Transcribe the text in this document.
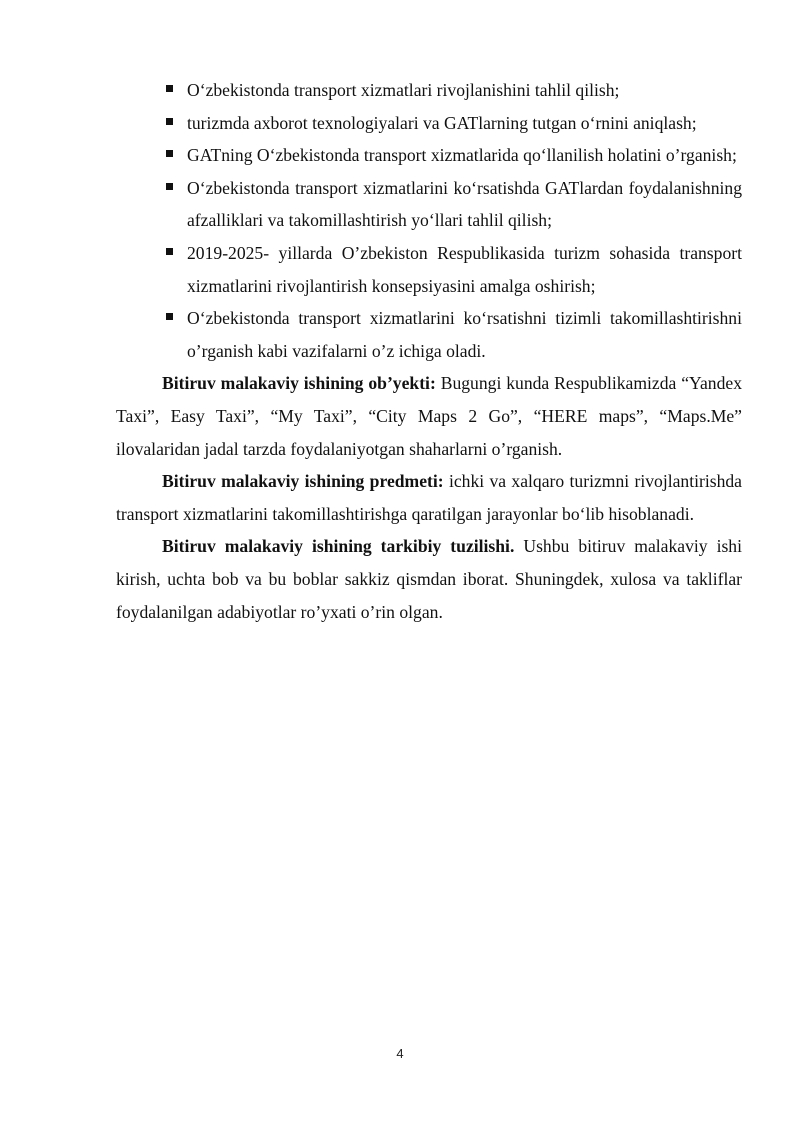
O‘zbekistonda transport xizmatlari rivojlanishini tahlil qilish;
turizmda axborot texnologiyalari va GATlarning tutgan o‘rnini aniqlash;
GATning O‘zbekistonda transport xizmatlarida qo‘llanilish holatini o’rganish;
O‘zbekistonda transport xizmatlarini ko‘rsatishda GATlardan foydalanishning afzalliklari va takomillashtirish yo‘llari tahlil qilish;
2019-2025- yillarda O’zbekiston Respublikasida turizm sohasida transport xizmatlarini rivojlantirish konsepsiyasini amalga oshirish;
O‘zbekistonda transport xizmatlarini ko‘rsatishni tizimli takomillashtirishni o’rganish kabi vazifalarni o’z ichiga oladi.

Bitiruv malakaviy ishining ob’yekti: Bugungi kunda Respublikamizda “Yandex Taxi”, Easy Taxi”, “My Taxi”, “City Maps 2 Go”, “HERE maps”, “Maps.Me” ilovalaridan jadal tarzda foydalaniyotgan shaharlarni o’rganish.

Bitiruv malakaviy ishining predmeti: ichki va xalqaro turizmni rivojlantirishda transport xizmatlarini takomillashtirishga qaratilgan jarayonlar bo‘lib hisoblanadi.

Bitiruv malakaviy ishining tarkibiy tuzilishi. Ushbu bitiruv malakaviy ishi kirish, uchta bob va bu boblar sakkiz qismdan iborat. Shuningdek, xulosa va takliflar foydalanilgan adabiyotlar ro’yxati o’rin olgan.

4
